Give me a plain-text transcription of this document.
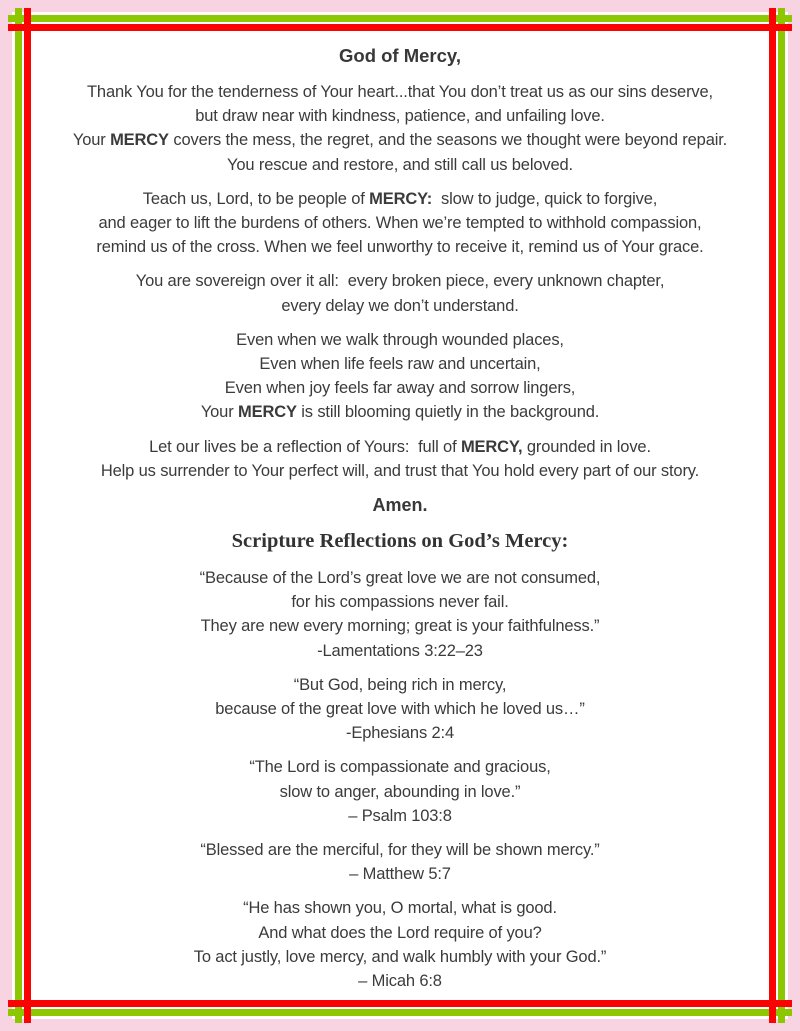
God of Mercy,
Thank You for the tenderness of Your heart...that You don’t treat us as our sins deserve,
but draw near with kindness, patience, and unfailing love.
Your MERCY covers the mess, the regret, and the seasons we thought were beyond repair.
You rescue and restore, and still call us beloved.
Teach us, Lord, to be people of MERCY:  slow to judge, quick to forgive,
and eager to lift the burdens of others. When we’re tempted to withhold compassion,
remind us of the cross. When we feel unworthy to receive it, remind us of Your grace.
You are sovereign over it all:  every broken piece, every unknown chapter,
every delay we don’t understand.
Even when we walk through wounded places,
Even when life feels raw and uncertain,
Even when joy feels far away and sorrow lingers,
Your MERCY is still blooming quietly in the background.
Let our lives be a reflection of Yours:  full of MERCY, grounded in love.
Help us surrender to Your perfect will, and trust that You hold every part of our story.
Amen.
Scripture Reflections on God’s Mercy:
“Because of the Lord’s great love we are not consumed,
for his compassions never fail.
They are new every morning; great is your faithfulness.”
-Lamentations 3:22–23
“But God, being rich in mercy,
because of the great love with which he loved us…”
-Ephesians 2:4
“The Lord is compassionate and gracious,
slow to anger, abounding in love.”
– Psalm 103:8
“Blessed are the merciful, for they will be shown mercy.”
– Matthew 5:7
“He has shown you, O mortal, what is good.
And what does the Lord require of you?
To act justly, love mercy, and walk humbly with your God.”
– Micah 6:8
